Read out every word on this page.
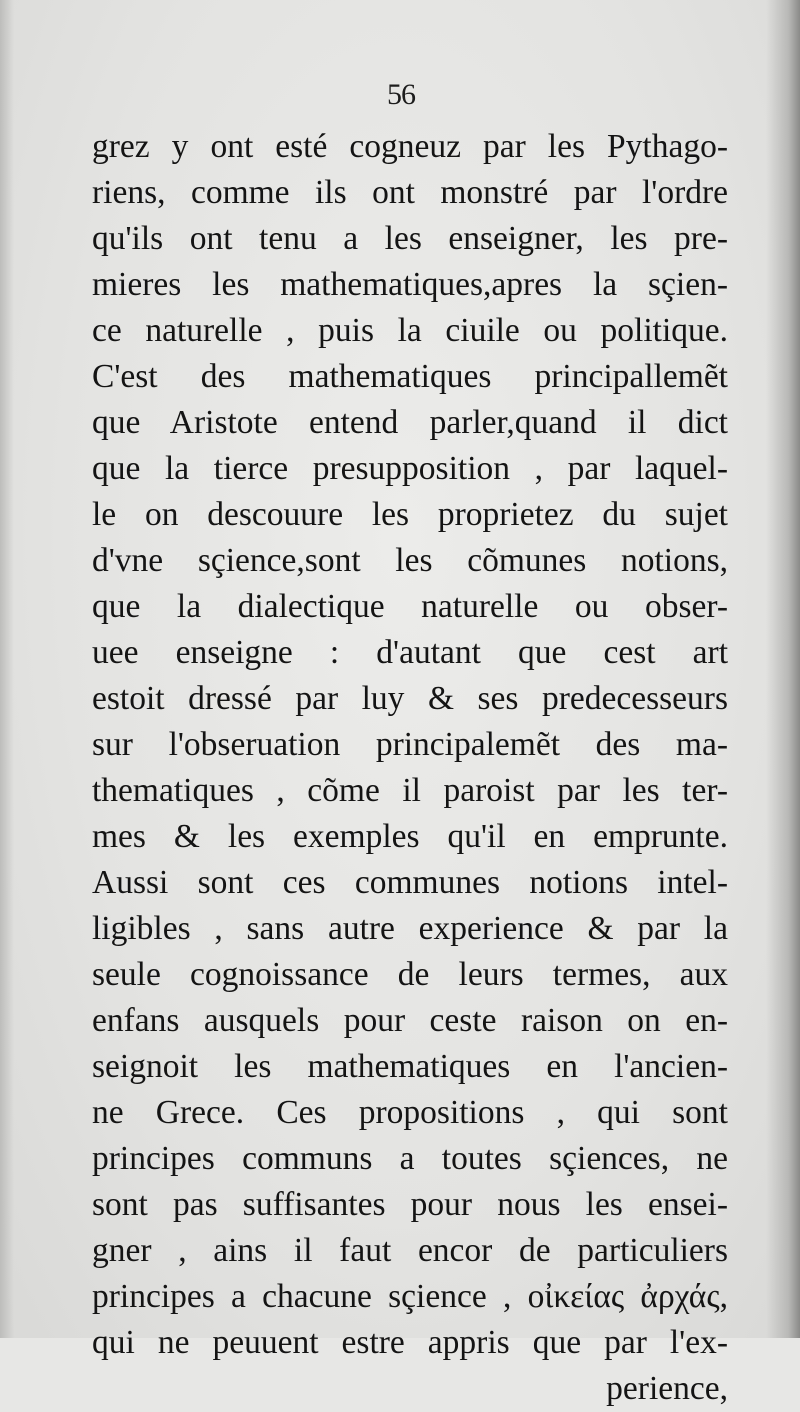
56
grez y ont esté cogneuz par les Pythago-
riens, comme ils ont monstré par l'ordre
qu'ils ont tenu a les enseigner, les pre-
mieres les mathematiques,apres la sçien-
ce naturelle , puis la ciuile ou politique.
C'est des mathematiques principallemẽt
que Aristote entend parler,quand il dict
que la tierce presupposition , par laquel-
le on descouure les proprietez du sujet
d'vne sçience,sont les cõmunes notions,
que la dialectique naturelle ou obser-
uee enseigne : d'autant que cest art
estoit dressé par luy & ses predecesseurs
sur l'obseruation principalemẽt des ma-
thematiques , cõme il paroist par les ter-
mes & les exemples qu'il en emprunte.
Aussi sont ces communes notions intel-
ligibles , sans autre experience & par la
seule cognoissance de leurs termes, aux
enfans ausquels pour ceste raison on en-
seignoit les mathematiques en l'ancien-
ne Grece. Ces propositions , qui sont
principes communs a toutes sçiences, ne
sont pas suffisantes pour nous les ensei-
gner , ains il faut encor de particuliers
principes a chacune sçience , οἰκείας ἀρχάς,
qui ne peuuent estre appris que par l'ex-
perience,
